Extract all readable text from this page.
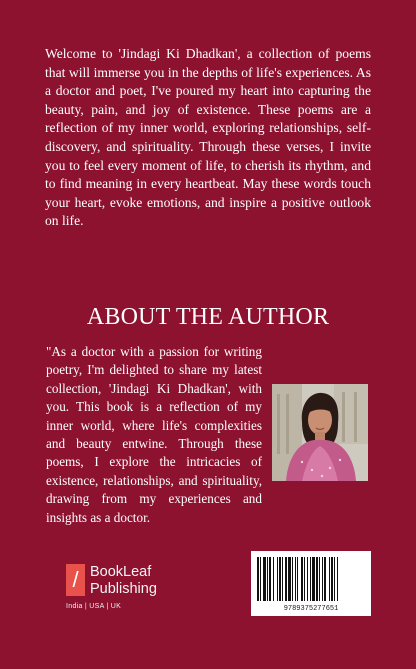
Welcome to 'Jindagi Ki Dhadkan', a collection of poems that will immerse you in the depths of life's experiences. As a doctor and poet, I've poured my heart into capturing the beauty, pain, and joy of existence. These poems are a reflection of my inner world, exploring relationships, self-discovery, and spirituality. Through these verses, I invite you to feel every moment of life, to cherish its rhythm, and to find meaning in every heartbeat. May these words touch your heart, evoke emotions, and inspire a positive outlook on life.
ABOUT THE AUTHOR
"As a doctor with a passion for writing poetry, I'm delighted to share my latest collection, 'Jindagi Ki Dhadkan', with you. This book is a reflection of my inner world, where life's complexities and beauty entwine. Through these poems, I explore the intricacies of existence, relationships, and spirituality, drawing from my experiences and insights as a doctor.
/ BookLeaf
Publishing
India | USA | UK	9789375277651
